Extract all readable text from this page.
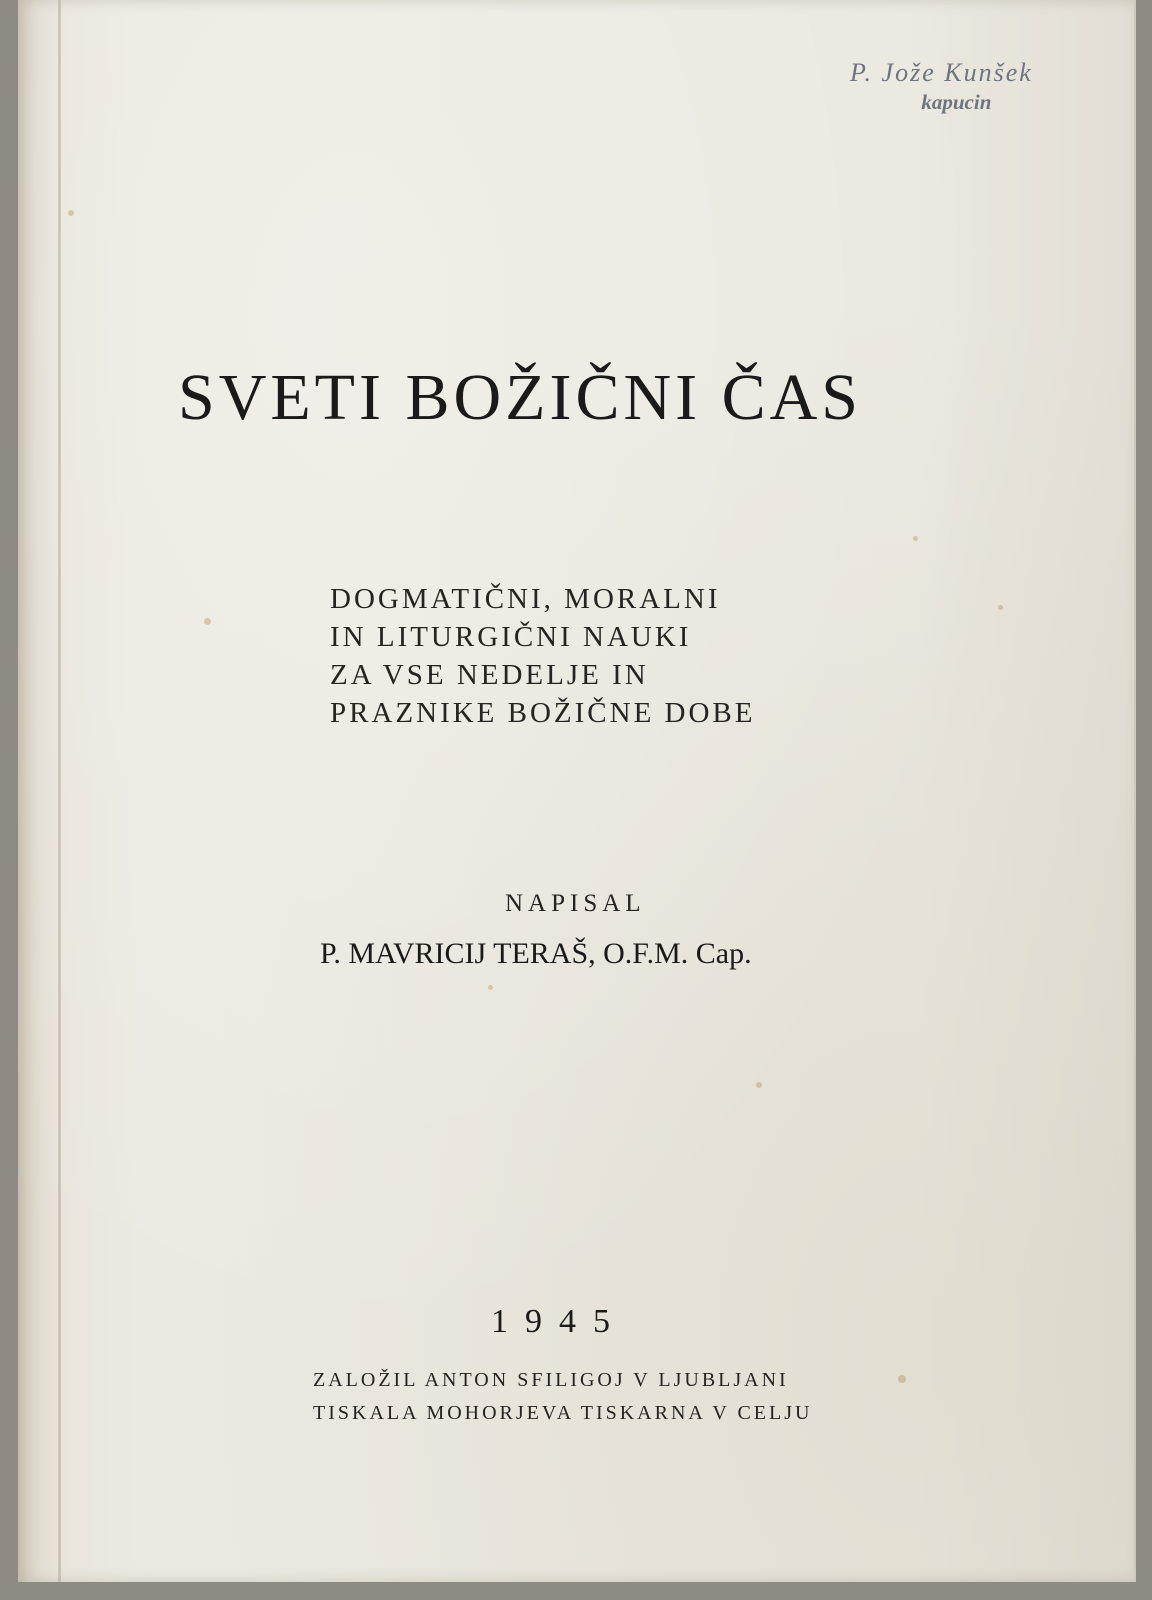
P. Jože Kunšek
kapucin
SVETI BOŽIČNI ČAS
DOGMATIČNI, MORALNI
IN LITURGIČNI NAUKI
ZA VSE NEDELJE IN
PRAZNIKE BOŽIČNE DOBE
NAPISAL
P. MAVRICIJ TERAŠ, O.F.M. Cap.
1945
ZALOŽIL ANTON SFILIGOJ V LJUBLJANI
TISKALA MOHORJEVA TISKARNA V CELJU
